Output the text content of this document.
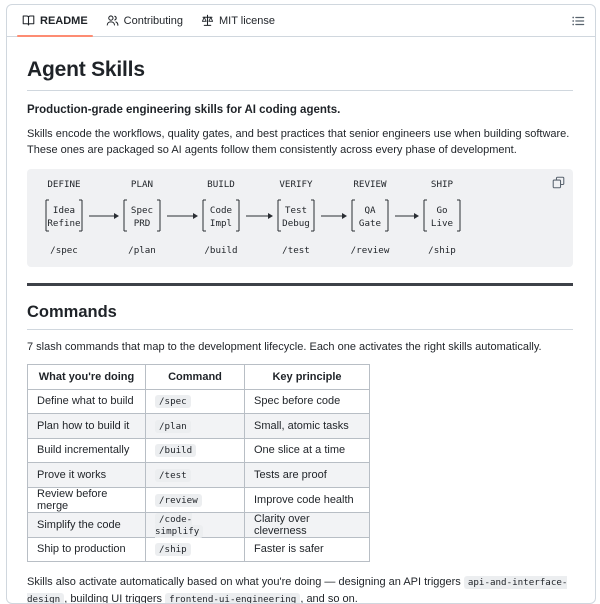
README	Contributing	MIT license
Agent Skills

Production-grade engineering skills for AI coding agents.

Skills encode the workflows, quality gates, and best practices that senior engineers use when building software. These ones are packaged so AI agents follow them consistently across every phase of development.

DEFINE
Idea
Refine
/spec
PLAN
Spec
PRD
/plan
BUILD
Code
Impl
/build
VERIFY
Test
Debug
/test
REVIEW
QA
Gate
/review
SHIP
Go
Live
/ship
Commands

7 slash commands that map to the development lifecycle. Each one activates the right skills automatically.

What you're doing	Command	Key principle
Define what to build	/spec	Spec before code
Plan how to build it	/plan	Small, atomic tasks
Build incrementally	/build	One slice at a time
Prove it works	/test	Tests are proof
Review before merge	/review	Improve code health
Simplify the code	/code-simplify	Clarity over cleverness
Ship to production	/ship	Faster is safer

Skills also activate automatically based on what you're doing — designing an API triggers api-and-interface-design , building UI triggers frontend-ui-engineering , and so on.
